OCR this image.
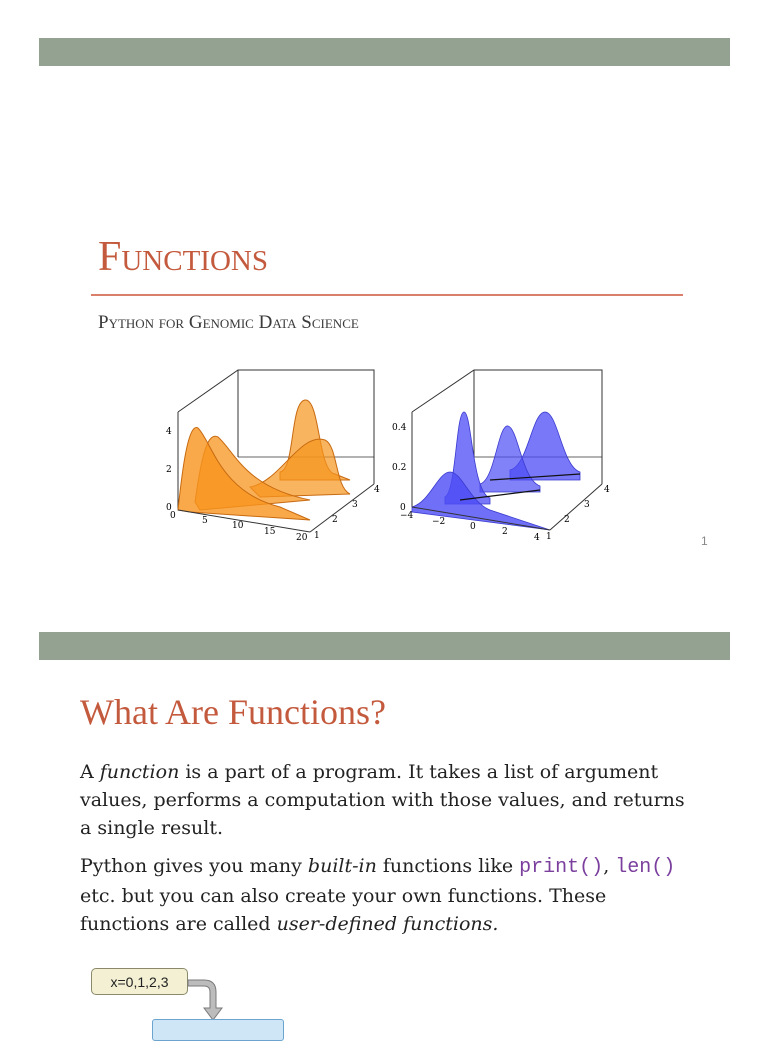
Functions
Python for Genomic Data Science
4
2
0
0	5	10
15
20 1
2
3
4
0.4
0.2
0
−4
−2	0	2
4 1
2
3
4
1
What Are Functions?

A function is a part of a program. It takes a list of argument values, performs a computation with those values, and returns a single result.

Python gives you many built-in functions like print(), len() etc. but you can also create your own functions. These functions are called user-defined functions.

x=0,1,2,3
